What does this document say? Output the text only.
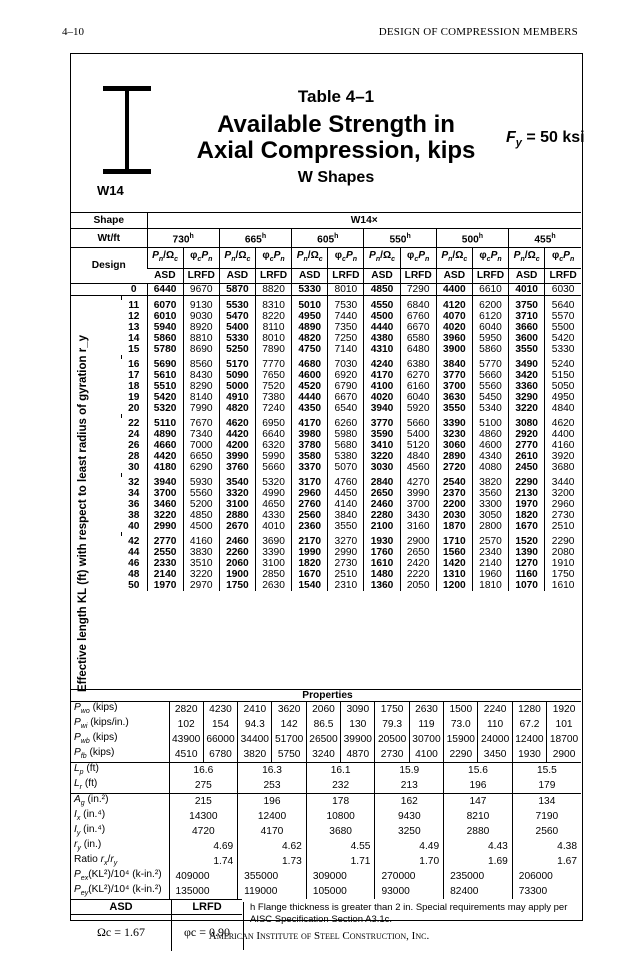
4–10	DESIGN OF COMPRESSION MEMBERS
W14
Table 4–1
Available Strength in
Axial Compression, kips
W Shapes
$F_y = 50$ ksi
Effective length KL (ft) with respect to least radius of gyration r_y
Shape		W14×											
Wt/ft		730$^h$		665$^h$		605$^h$		550$^h$		500$^h$		455$^h$
Design		$P_n/\Omega_c$	$\varphi_cP_n$	$P_n/\Omega_c$	$\varphi_cP_n$	$P_n/\Omega_c$	$\varphi_cP_n$	$P_n/\Omega_c$	$\varphi_cP_n$	$P_n/\Omega_c$	$\varphi_cP_n$	$P_n/\Omega_c$	$\varphi_cP_n$
		ASD	LRFD	ASD	LRFD	ASD	LRFD	ASD	LRFD	ASD	LRFD	ASD	LRFD
	0	6440	9670	5870	8820	5330	8010	4850	7290	4400	6610	4010	6030

	11	6070	9130	5530	8310	5010	7530	4550	6840	4120	6200	3750	5640
	12	6010	9030	5470	8220	4950	7440	4500	6760	4070	6120	3710	5570
	13	5940	8920	5400	8110	4890	7350	4440	6670	4020	6040	3660	5500
	14	5860	8810	5330	8010	4820	7250	4380	6580	3960	5950	3600	5420
	15	5780	8690	5250	7890	4750	7140	4310	6480	3900	5860	3550	5330

	16	5690	8560	5170	7770	4680	7030	4240	6380	3840	5770	3490	5240
	17	5610	8430	5090	7650	4600	6920	4170	6270	3770	5660	3420	5150
	18	5510	8290	5000	7520	4520	6790	4100	6160	3700	5560	3360	5050
	19	5420	8140	4910	7380	4440	6670	4020	6040	3630	5450	3290	4950
	20	5320	7990	4820	7240	4350	6540	3940	5920	3550	5340	3220	4840

	22	5110	7670	4620	6950	4170	6260	3770	5660	3390	5100	3080	4620
	24	4890	7340	4420	6640	3980	5980	3590	5400	3230	4860	2920	4400
	26	4660	7000	4200	6320	3780	5680	3410	5120	3060	4600	2770	4160
	28	4420	6650	3990	5990	3580	5380	3220	4840	2890	4340	2610	3920
	30	4180	6290	3760	5660	3370	5070	3030	4560	2720	4080	2450	3680

	32	3940	5930	3540	5320	3170	4760	2840	4270	2540	3820	2290	3440
	34	3700	5560	3320	4990	2960	4450	2650	3990	2370	3560	2130	3200
	36	3460	5200	3100	4650	2760	4140	2460	3700	2200	3300	1970	2960
	38	3220	4850	2880	4330	2560	3840	2280	3430	2030	3050	1820	2730
	40	2990	4500	2670	4010	2360	3550	2100	3160	1870	2800	1670	2510

	42	2770	4160	2460	3690	2170	3270	1930	2900	1710	2570	1520	2290
	44	2550	3830	2260	3390	1990	2990	1760	2650	1560	2340	1390	2080
	46	2330	3510	2060	3100	1820	2730	1610	2420	1420	2140	1270	1910
	48	2140	3220	1900	2850	1670	2510	1480	2220	1310	1960	1160	1750
	50	1970	2970	1750	2630	1540	2310	1360	2050	1200	1810	1070	1610
Properties												
$P_{wo}$ (kips)	2820	4230	2410	3620	2060	3090	1750	2630	1500	2240	1280	1920
$P_{wi}$ (kips/in.)	102	154	94.3	142	86.5	130	79.3	119	73.0	110	67.2	101
$P_{wb}$ (kips)	43900	66000	34400	51700	26500	39900	20500	30700	15900	24000	12400	18700
$P_{fb}$ (kips)	4510	6780	3820	5750	3240	4870	2730	4100	2290	3450	1930	2900
$L_p$ (ft)	16.6		16.3		16.1		15.9		15.6		15.5	
$L_r$ (ft)	275		253		232		213		196		179	
$A_g$ (in.²)	215		196		178		162		147		134	
$I_x$ (in.⁴)	14300		12400		10800		9430		8210		7190	
$I_y$ (in.⁴)	4720		4170		3680		3250		2880		2560	
$r_y$ (in.)	4.69		4.62		4.55		4.49		4.43		4.38	
Ratio $r_x/r_y$	1.74		1.73		1.71		1.70		1.69		1.67	
$P_{ex}(KL^2)/10^4$ (k-in.²)	409000		355000		309000		270000		235000		206000	
$P_{ey}(KL^2)/10^4$ (k-in.²)	135000		119000		105000		93000		82400		73300	
ASD	LRFD
Ωc = 1.67	φc = 0.90
h Flange thickness is greater than 2 in. Special requirements may apply per AISC Specification Section A3.1c.
American Institute of Steel Construction, Inc.
